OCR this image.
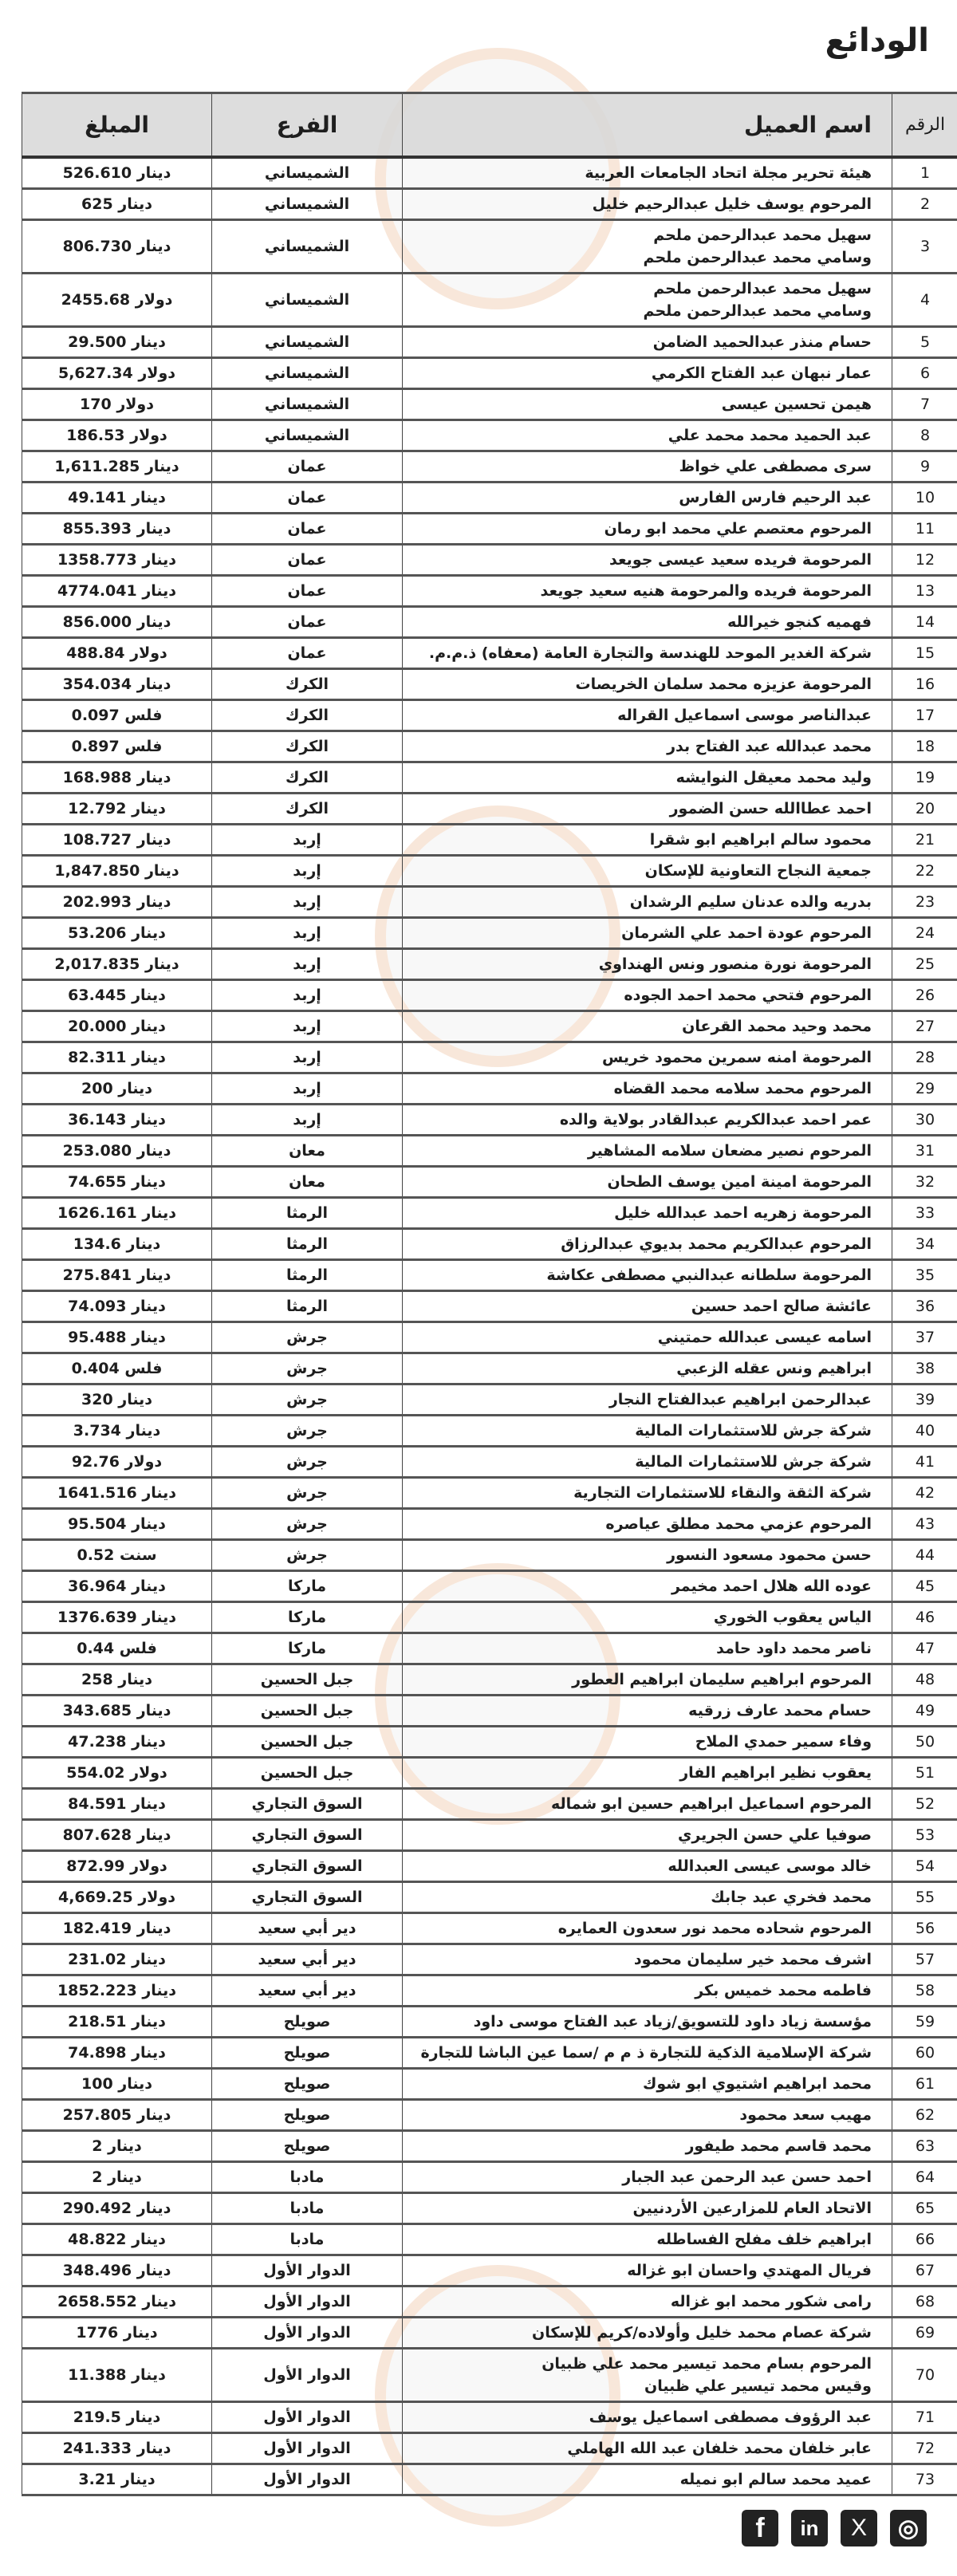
الودائع
الرقم	اسم العميل	الفرع	المبلغ
1	هيئة تحرير مجلة اتحاد الجامعات العربية	الشميساني	526.610 دينار
2	المرحوم يوسف خليل عبدالرحيم خليل	الشميساني	625 دينار
3	سهيل محمد عبدالرحمن ملحم
وسامي محمد عبدالرحمن ملحم	الشميساني	806.730 دينار
4	سهيل محمد عبدالرحمن ملحم
وسامي محمد عبدالرحمن ملحم	الشميساني	2455.68 دولار
5	حسام منذر عبدالحميد الضامن	الشميساني	29.500 دينار
6	عمار نبهان عبد الفتاح الكرمي	الشميساني	5,627.34 دولار
7	هيمن تحسين عيسى	الشميساني	170 دولار
8	عبد الحميد محمد محمد علي	الشميساني	186.53 دولار
9	سرى مصطفى علي خواظ	عمان	1,611.285 دينار
10	عبد الرحيم فارس الفارس	عمان	49.141 دينار
11	المرحوم معتصم علي محمد ابو رمان	عمان	855.393 دينار
12	المرحومة فريده سعيد عيسى جويعد	عمان	1358.773 دينار
13	المرحومة فريده والمرحومة هنيه سعيد جويعد	عمان	4774.041 دينار
14	فهميه كنجو خيرالله	عمان	856.000 دينار
15	شركة الغدير الموحد للهندسة والتجارة العامة (معفاه) ذ.م.م.	عمان	488.84 دولار
16	المرحومة عزيزه محمد سلمان الخريصات	الكرك	354.034 دينار
17	عبدالناصر موسى اسماعيل القراله	الكرك	0.097 فلس
18	محمد عبدالله عبد الفتاح بدر	الكرك	0.897 فلس
19	وليد محمد معيقل النوايشه	الكرك	168.988 دينار
20	احمد عطاالله حسن الضمور	الكرك	12.792 دينار
21	محمود سالم ابراهيم ابو شقرا	إربد	108.727 دينار
22	جمعية النجاح التعاونية للإسكان	إربد	1,847.850 دينار
23	بدريه والده عدنان سليم الرشدان	إربد	202.993 دينار
24	المرحوم عودة احمد علي الشرمان	إربد	53.206 دينار
25	المرحومة نورة منصور ونس الهنداوي	إربد	2,017.835 دينار
26	المرحوم فتحي محمد احمد الجوده	إربد	63.445 دينار
27	محمد وحيد محمد القرعان	إربد	20.000 دينار
28	المرحومة امنه سمرين محمود خريس	إربد	82.311 دينار
29	المرحوم محمد سلامه محمد القضاه	إربد	200 دينار
30	عمر احمد عبدالكريم عبدالقادر بولاية والده	إربد	36.143 دينار
31	المرحوم نصير مضعان سلامه المشاهير	معان	253.080 دينار
32	المرحومة امينة امين يوسف الطحان	معان	74.655 دينار
33	المرحومة زهريه احمد عبدالله خليل	الرمثا	1626.161 دينار
34	المرحوم عبدالكريم محمد بديوي عبدالرزاق	الرمثا	134.6 دينار
35	المرحومة سلطانه عبدالنبي مصطفى عكاشة	الرمثا	275.841 دينار
36	عائشة صالح احمد حسين	الرمثا	74.093 دينار
37	اسامه عيسى عبدالله حمتيني	جرش	95.488 دينار
38	ابراهيم ونس عقله الزعبي	جرش	0.404 فلس
39	عبدالرحمن ابراهيم عبدالفتاح النجار	جرش	320 دينار
40	شركة جرش للاستثمارات المالية	جرش	3.734 دينار
41	شركة جرش للاستثمارات المالية	جرش	92.76 دولار
42	شركة الثقة والنقاء للاستثمارات التجارية	جرش	1641.516 دينار
43	المرحوم عزمي محمد مطلق عياصره	جرش	95.504 دينار
44	حسن محمود مسعود النسور	جرش	0.52 سنت
45	عوده الله هلال احمد مخيمر	ماركا	36.964 دينار
46	الياس يعقوب الخوري	ماركا	1376.639 دينار
47	ناصر محمد داود حامد	ماركا	0.44 فلس
48	المرحوم ابراهيم سليمان ابراهيم العطور	جبل الحسين	258 دينار
49	حسام محمد عارف زرقيه	جبل الحسين	343.685 دينار
50	وفاء سمير حمدي الملاح	جبل الحسين	47.238 دينار
51	يعقوب نظير ابراهيم الفار	جبل الحسين	554.02 دولار
52	المرحوم اسماعيل ابراهيم حسين ابو شماله	السوق التجاري	84.591 دينار
53	صوفيا علي حسن الجريري	السوق التجاري	807.628 دينار
54	خالد موسى عيسى العبدالله	السوق التجاري	872.99 دولار
55	محمد فخري عبد جابك	السوق التجاري	4,669.25 دولار
56	المرحوم شحاده محمد نور سعدون العمايره	دير أبي سعيد	182.419 دينار
57	اشرف محمد خير سليمان محمود	دير أبي سعيد	231.02 دينار
58	فاطمه محمد خميس بكر	دير أبي سعيد	1852.223 دينار
59	مؤسسة زياد داود للتسويق/زياد عبد الفتاح موسى داود	صويلح	218.51 دينار
60	شركة الإسلامية الذكية للتجارة ذ م م /سما عين الباشا للتجارة	صويلح	74.898 دينار
61	محمد ابراهيم اشتيوي ابو شوك	صويلح	100 دينار
62	مهيب سعد محمود	صويلح	257.805 دينار
63	محمد قاسم محمد طيفور	صويلح	2 دينار
64	احمد حسن عبد الرحمن عبد الجبار	مادبا	2 دينار
65	الاتحاد العام للمزارعين الأردنيين	مادبا	290.492 دينار
66	ابراهيم خلف مفلح الفساطله	مادبا	48.822 دينار
67	فريال المهتدي واحسان ابو غزاله	الدوار الأول	348.496 دينار
68	رامى شكور محمد ابو غزاله	الدوار الأول	2658.552 دينار
69	شركة عصام محمد خليل وأولاده/كريم للإسكان	الدوار الأول	1776 دينار
70	المرحوم بسام محمد تيسير محمد علي ظبيان
وقيس محمد تيسير علي ظبيان	الدوار الأول	11.388 دينار
71	عبد الرؤوف مصطفى اسماعيل يوسف	الدوار الأول	219.5 دينار
72	عابر خلفان محمد خلفان عبد الله الهاملي	الدوار الأول	241.333 دينار
73	عميد محمد سالم ابو نميله	الدوار الأول	3.21 دينار
f	in	X	◎
